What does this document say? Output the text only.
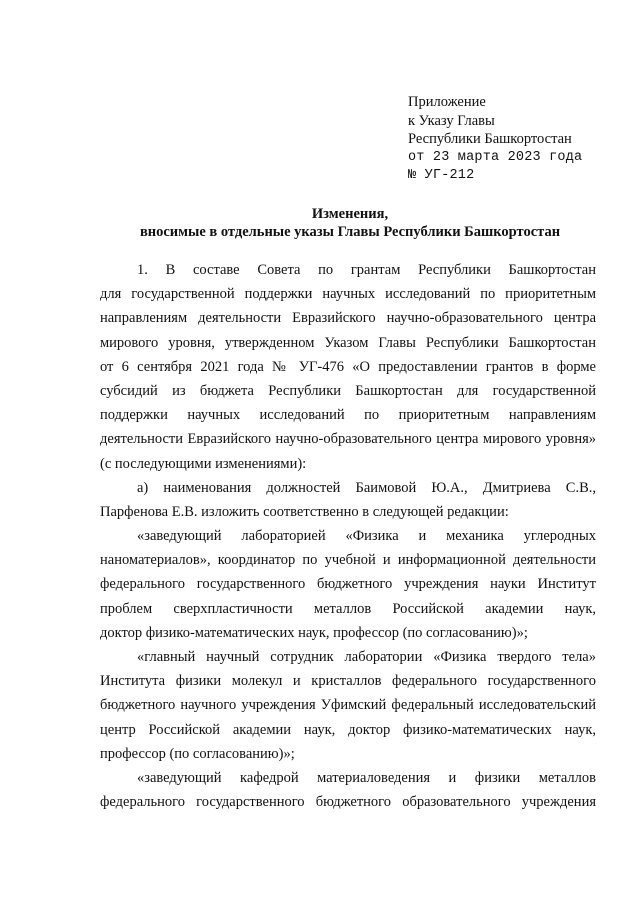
Приложение
к Указу Главы
Республики Башкортостан
от 23 марта 2023 года
№ УГ-212
Изменения,
вносимые в отдельные указы Главы Республики Башкортостан
1. В составе Совета по грантам Республики Башкортостан
для государственной поддержки научных исследований по приоритетным
направлениям деятельности Евразийского научно-образовательного центра
мирового уровня, утвержденном Указом Главы Республики Башкортостан
от 6 сентября 2021 года № УГ-476 «О предоставлении грантов в форме
субсидий из бюджета Республики Башкортостан для государственной
поддержки научных исследований по приоритетным направлениям
деятельности Евразийского научно-образовательного центра мирового уровня»
(с последующими изменениями):
а) наименования должностей Баимовой Ю.А., Дмитриева С.В.,
Парфенова Е.В. изложить соответственно в следующей редакции:
«заведующий лабораторией «Физика и механика углеродных
наноматериалов», координатор по учебной и информационной деятельности
федерального государственного бюджетного учреждения науки Институт
проблем сверхпластичности металлов Российской академии наук,
доктор физико-математических наук, профессор (по согласованию)»;
«главный научный сотрудник лаборатории «Физика твердого тела»
Института физики молекул и кристаллов федерального государственного
бюджетного научного учреждения Уфимский федеральный исследовательский
центр Российской академии наук, доктор физико-математических наук,
профессор (по согласованию)»;
«заведующий кафедрой материаловедения и физики металлов
федерального государственного бюджетного образовательного учреждения
